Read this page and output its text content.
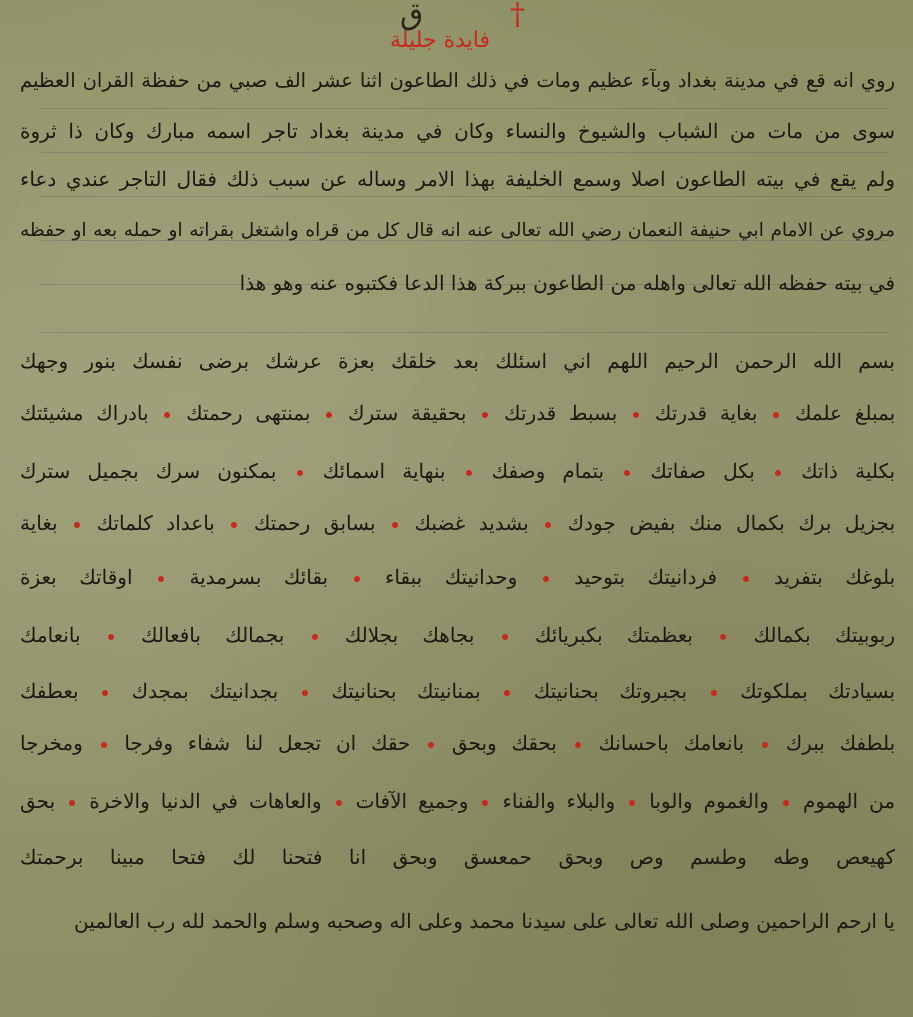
ق	†
فايدة جليلة
روي انه قع في مدينة بغداد وبآء عظيم ومات في ذلك الطاعون اثنا عشر الف صبي من حفظة القران العظيم
سوى من مات من الشباب والشيوخ والنساء وكان في مدينة بغداد تاجر اسمه مبارك وكان ذا ثروة
ولم يقع في بيته الطاعون اصلا وسمع الخليفة بهذا الامر وساله عن سبب ذلك فقال التاجر عندي دعاء
مروي عن الامام ابي حنيفة النعمان رضي الله تعالى عنه انه قال كل من قراه واشتغل بقراته او حمله بعه او حفظه
في بيته حفظه الله تعالى واهله من الطاعون ببركة هذا الدعا فكتبوه عنه وهو هذا
بسم الله الرحمن الرحيم اللهم اني اسئلك بعد خلقك بعزة عرشك برضى نفسك بنور وجهك
بمبلغ علمك  بغاية قدرتك  بسبط قدرتك  بحقيقة سترك  بمنتهى رحمتك  بادراك مشيئتك
بكلية ذاتك  بكل صفاتك  بتمام وصفك  بنهاية اسمائك  بمكنون سرك بجميل سترك
بجزيل برك بكمال منك بفيض جودك  بشديد غضبك  بسابق رحمتك  باعداد كلماتك  بغاية
بلوغك بتفريد  فردانيتك بتوحيد  وحدانيتك ببقاء  بقائك بسرمدية  اوقاتك بعزة
ربوبيتك بكمالك  بعظمتك بكبريائك  بجاهك بجلالك  بجمالك بافعالك  بانعامك
بسيادتك بملكوتك  بجبروتك بحنانيتك  بمنانيتك بحنانيتك  بجدانيتك بمجدك  بعطفك
بلطفك ببرك  بانعامك باحسانك  بحقك وبحق  حقك ان تجعل لنا شفاء وفرجا  ومخرجا
من الهموم  والغموم والوبا  والبلاء والفناء  وجميع الآفات  والعاهات في الدنيا والاخرة  بحق
كهيعص وطه وطسم وص وبحق حمعسق وبحق انا فتحنا لك فتحا مبينا برحمتك
يا ارحم الراحمين وصلى الله تعالى على سيدنا محمد وعلى اله وصحبه وسلم والحمد لله رب العالمين
